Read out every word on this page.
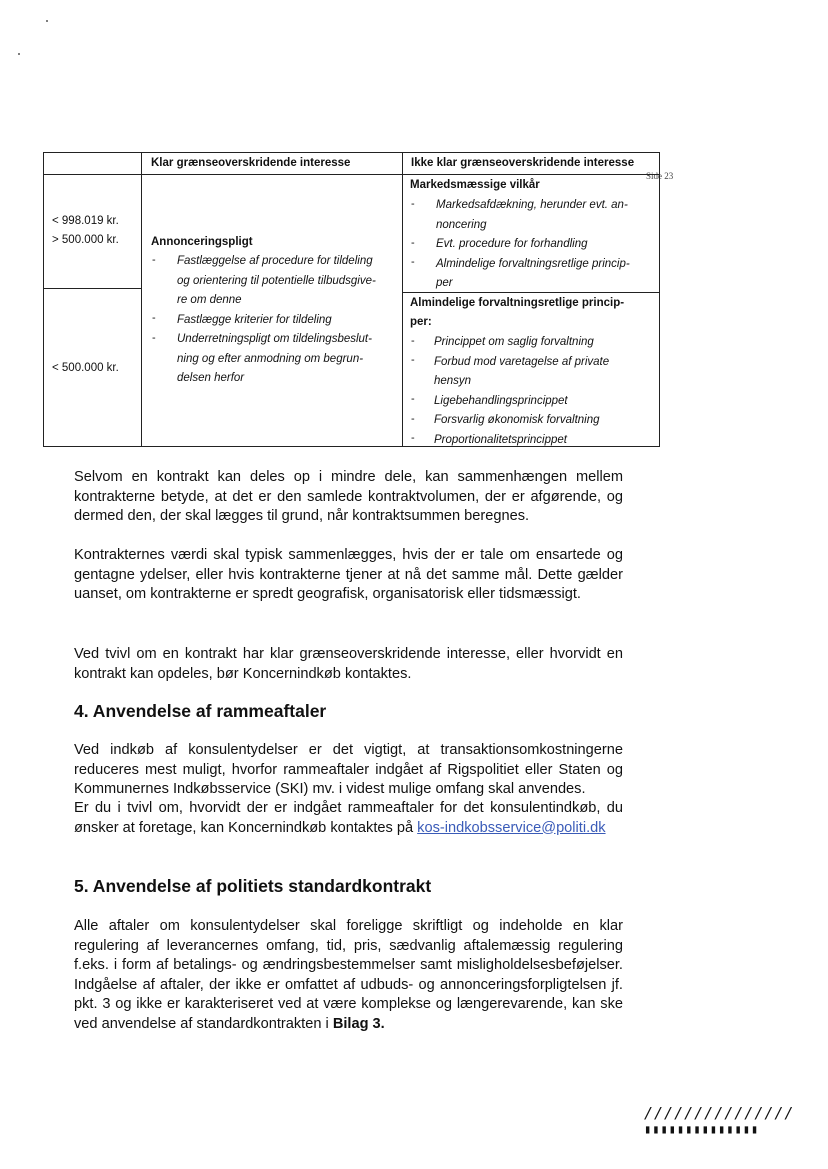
Side 23
Klar grænseoverskridende interesse	Ikke klar grænseoverskridende interesse
< 998.019 kr.
> 500.000 kr.
< 500.000 kr.
Annonceringspligt
- Fastlæggelse af procedure for tildeling
og orientering til potentielle tilbudsgive-
re om denne
- Fastlægge kriterier for tildeling
- Underretningspligt om tildelingsbeslut-
ning og efter anmodning om begrun-
delsen herfor
Markedsmæssige vilkår
- Markedsafdækning, herunder evt. an-
noncering
- Evt. procedure for forhandling
- Almindelige forvaltningsretlige princip-
per
Almindelige forvaltningsretlige princip-
per:
- Princippet om saglig forvaltning
- Forbud mod varetagelse af private
hensyn
- Ligebehandlingsprincippet
- Forsvarlig økonomisk forvaltning
- Proportionalitetsprincippet

Selvom en kontrakt kan deles op i mindre dele, kan sammenhængen mellem kontrakterne betyde, at det er den samlede kontraktvolumen, der er afgørende, og dermed den, der skal lægges til grund, når kontraktsummen beregnes.

Kontrakternes værdi skal typisk sammenlægges, hvis der er tale om ensartede og gentagne ydelser, eller hvis kontrakterne tjener at nå det samme mål. Dette gælder uanset, om kontrakterne er spredt geografisk, organisatorisk eller tidsmæssigt.

Ved tvivl om en kontrakt har klar grænseoverskridende interesse, eller hvorvidt en kontrakt kan opdeles, bør Koncernindkøb kontaktes.

4. Anvendelse af rammeaftaler

Ved indkøb af konsulentydelser er det vigtigt, at transaktionsomkostningerne reduceres mest muligt, hvorfor rammeaftaler indgået af Rigspolitiet eller Staten og Kommunernes Indkøbsservice (SKI) mv. i videst mulige omfang skal anvendes.

Er du i tvivl om, hvorvidt der er indgået rammeaftaler for det konsulentindkøb, du ønsker at foretage, kan Koncernindkøb kontaktes på kos-indkobsservice@politi.dk

5. Anvendelse af politiets standardkontrakt

Alle aftaler om konsulentydelser skal foreligge skriftligt og indeholde en klar regulering af leverancernes omfang, tid, pris, sædvanlig aftalemæssig regulering f.eks. i form af betalings- og ændringsbestemmelser samt misligholdelsesbeføjelser. Indgåelse af aftaler, der ikke er omfattet af udbuds- og annonceringsforpligtelsen jf. pkt. 3 og ikke er karakteriseret ved at være komplekse og længerevarende, kan ske ved anvendelse af standardkontrakten i Bilag 3.

///////////////
▮▮▮▮▮▮▮▮▮▮▮▮▮▮
